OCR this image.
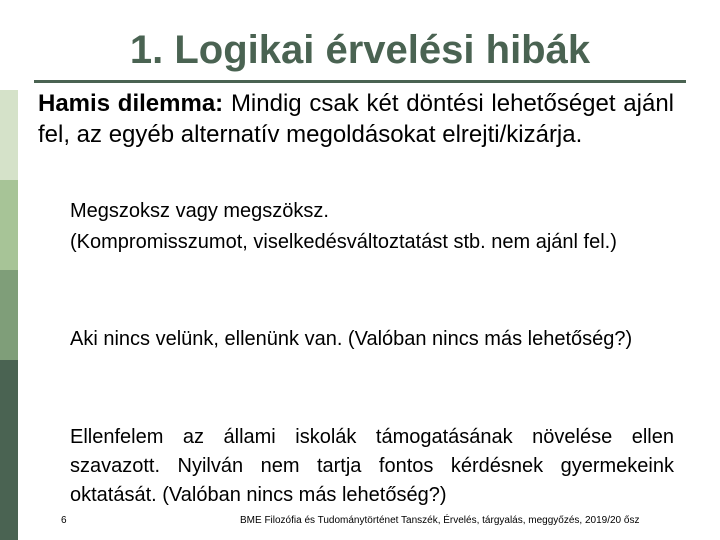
1. Logikai érvelési hibák

Hamis dilemma: Mindig csak két döntési lehetőséget ajánl fel, az egyéb alternatív megoldásokat elrejti/kizárja.

Megszoksz vagy megszöksz.

(Kompromisszumot, viselkedésváltoztatást stb. nem ajánl fel.)

Aki nincs velünk, ellenünk van. (Valóban nincs más lehetőség?)

Ellenfelem az állami iskolák támogatásának növelése ellen szavazott. Nyilván nem tartja fontos kérdésnek gyermekeink oktatását. (Valóban nincs más lehetőség?)

6	BME Filozófia és Tudománytörténet Tanszék, Érvelés, tárgyalás, meggyőzés, 2019/20 ősz
